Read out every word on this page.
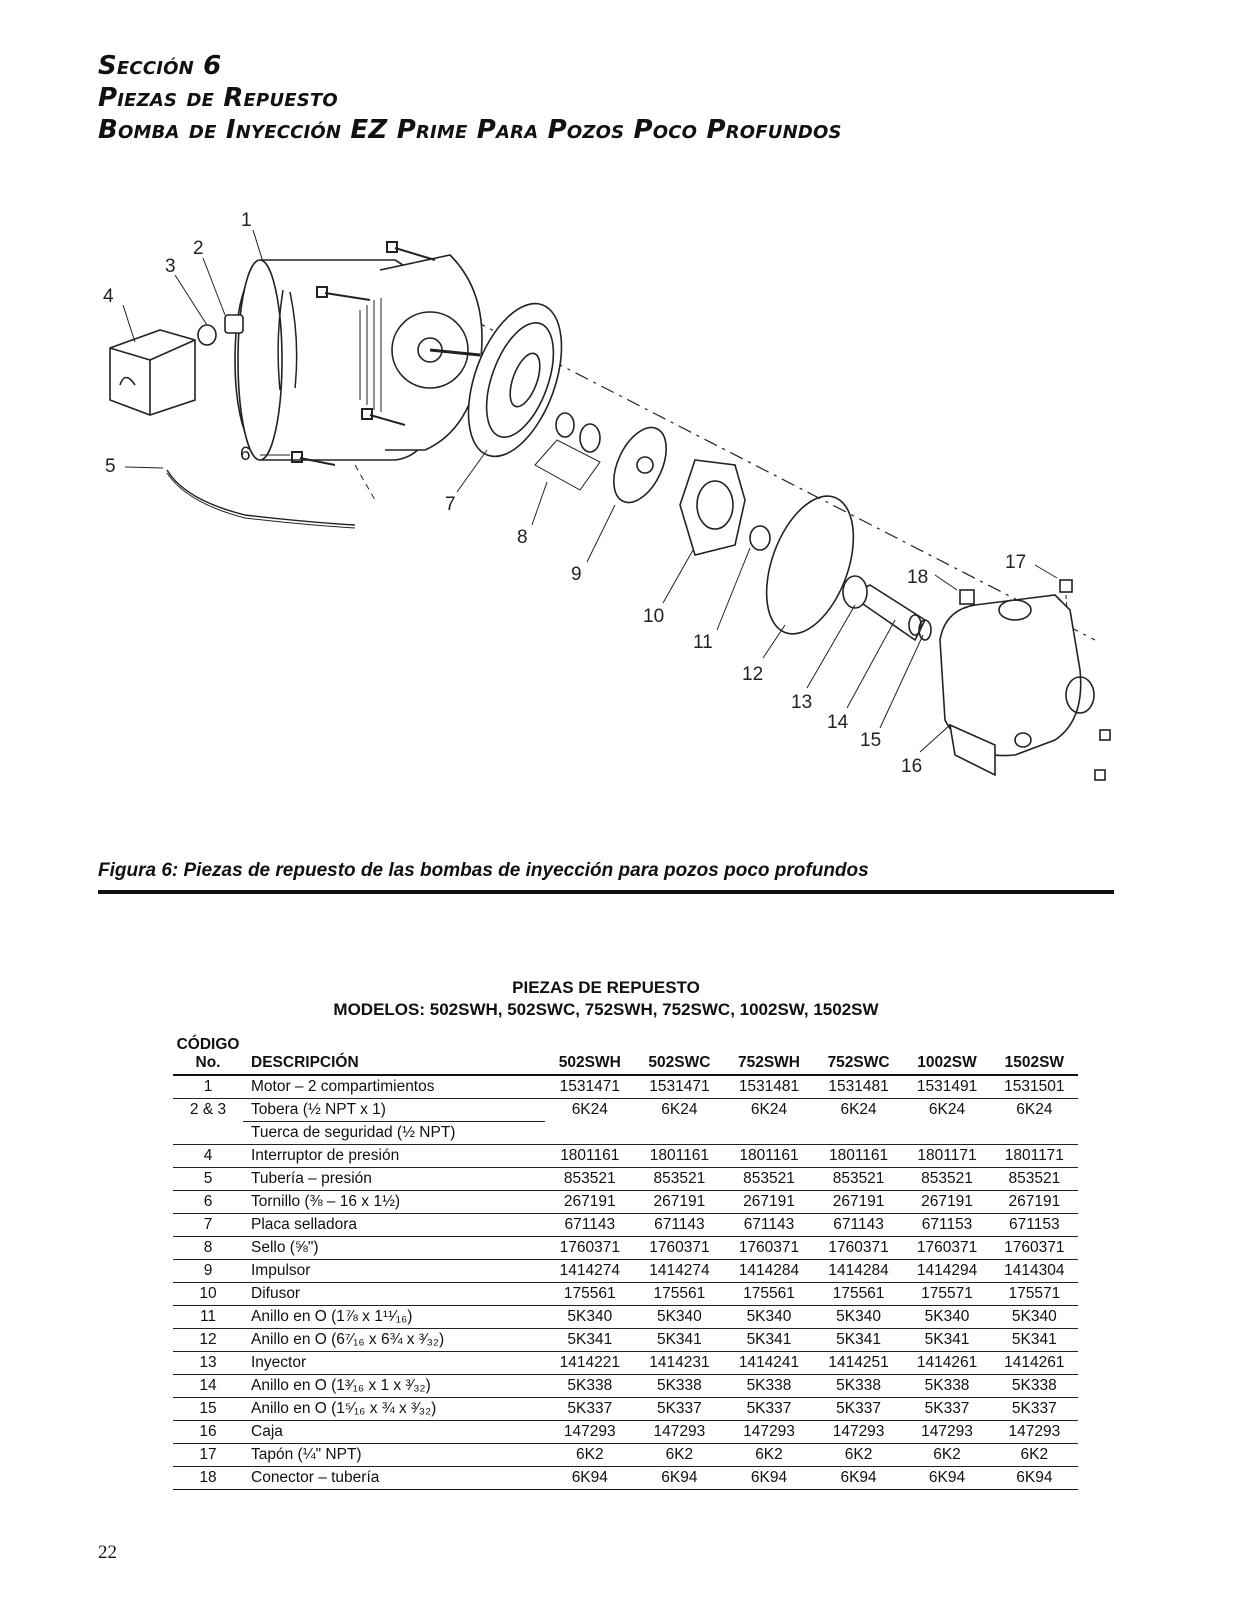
Sección 6
Piezas de Repuesto
Bomba de Inyección EZ Prime Para Pozos Poco Profundos
1
2
3
4
5
6
7
8
9
10
11
12
13
14
15
16
17
18
Figura 6: Piezas de repuesto de las bombas de inyección para pozos poco profundos
PIEZAS DE REPUESTO
MODELOS: 502SWH, 502SWC, 752SWH, 752SWC, 1002SW, 1502SW
CÓDIGO
No.	DESCRIPCIÓN	502SWH	502SWC	752SWH	752SWC	1002SW	1502SW
1	Motor – 2 compartimientos	1531471	1531471	1531481	1531481	1531491	1531501
2 & 3	Tobera (½ NPT x 1)	6K24	6K24	6K24	6K24	6K24	6K24
	Tuerca de seguridad (½ NPT)						
4	Interruptor de presión	1801161	1801161	1801161	1801161	1801171	1801171
5	Tubería – presión	853521	853521	853521	853521	853521	853521
6	Tornillo (⅜ – 16 x 1½)	267191	267191	267191	267191	267191	267191
7	Placa selladora	671143	671143	671143	671143	671153	671153
8	Sello (⅝")	1760371	1760371	1760371	1760371	1760371	1760371
9	Impulsor	1414274	1414274	1414284	1414284	1414294	1414304
10	Difusor	175561	175561	175561	175561	175571	175571
11	Anillo en O (1⅞ x 1¹¹⁄₁₆)	5K340	5K340	5K340	5K340	5K340	5K340
12	Anillo en O (6⁷⁄₁₆ x 6¾ x ³⁄₃₂)	5K341	5K341	5K341	5K341	5K341	5K341
13	Inyector	1414221	1414231	1414241	1414251	1414261	1414261
14	Anillo en O (1³⁄₁₆ x 1 x ³⁄₃₂)	5K338	5K338	5K338	5K338	5K338	5K338
15	Anillo en O (1⁵⁄₁₆ x ¾ x ³⁄₃₂)	5K337	5K337	5K337	5K337	5K337	5K337
16	Caja	147293	147293	147293	147293	147293	147293
17	Tapón (¼" NPT)	6K2	6K2	6K2	6K2	6K2	6K2
18	Conector – tubería	6K94	6K94	6K94	6K94	6K94	6K94
22
